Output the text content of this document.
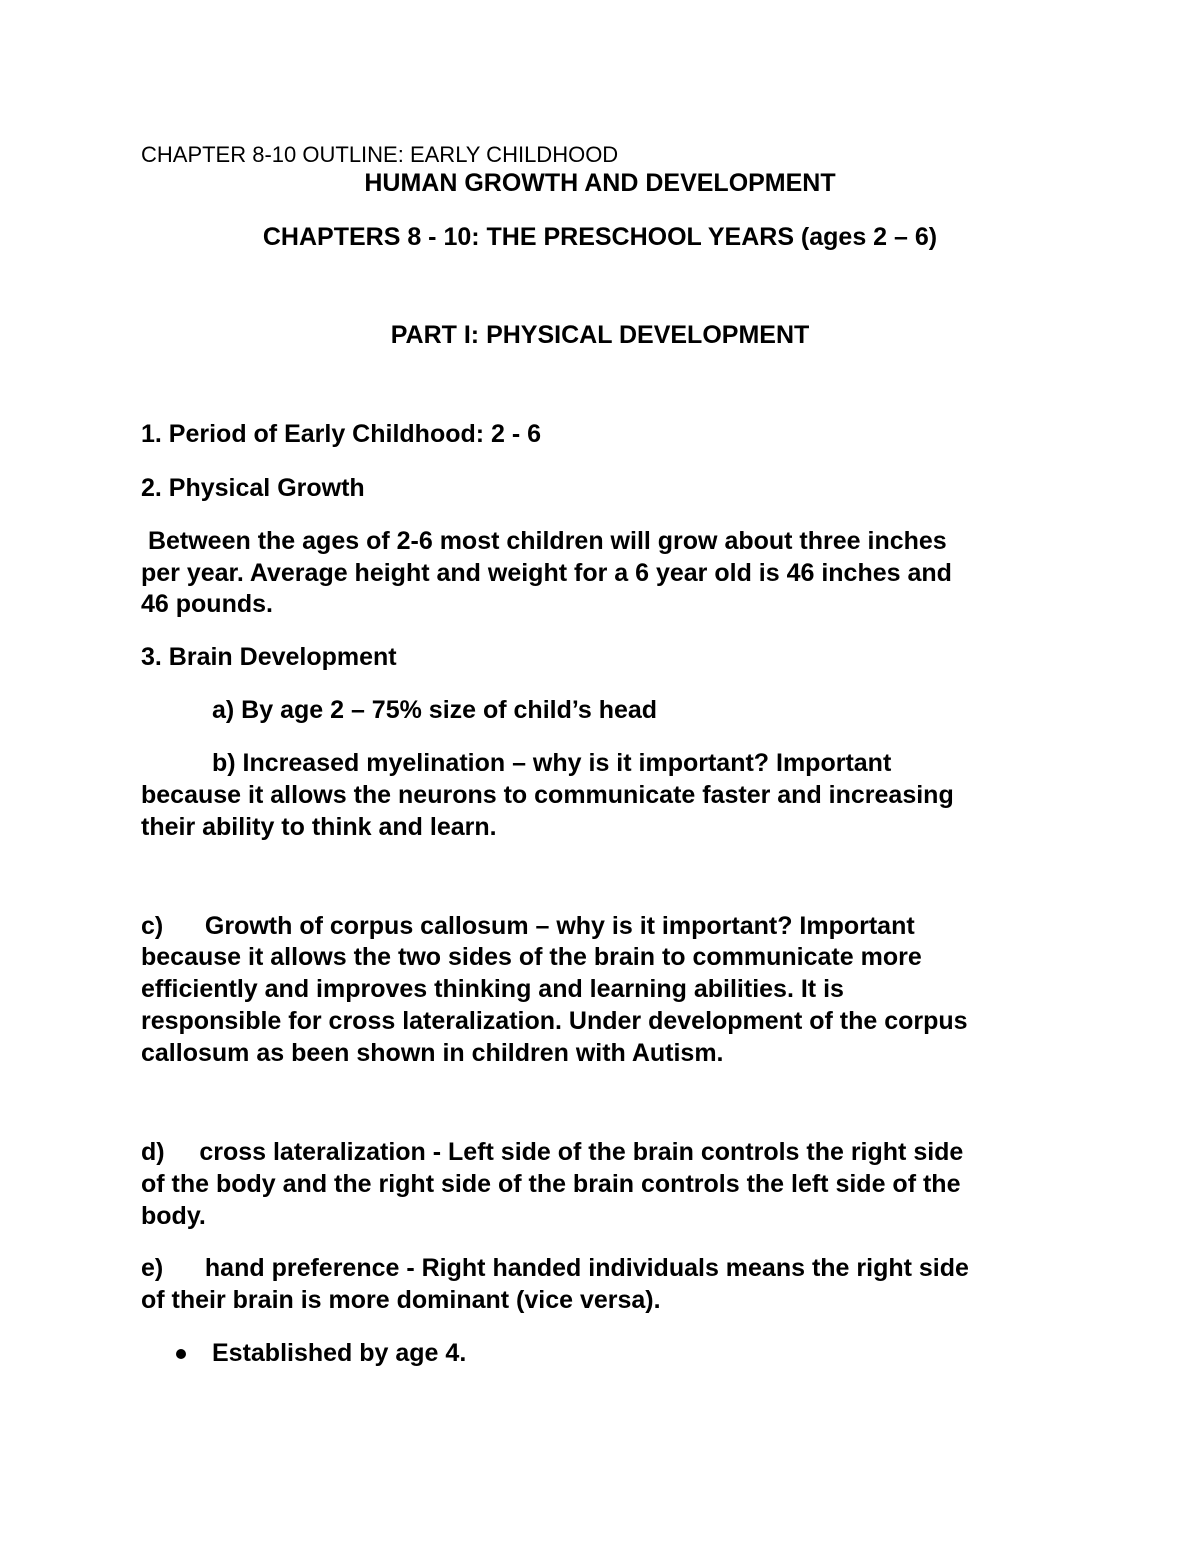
CHAPTER 8-10 OUTLINE: EARLY CHILDHOOD

HUMAN GROWTH AND DEVELOPMENT

CHAPTERS 8 - 10: THE PRESCHOOL YEARS (ages 2 – 6)

PART I: PHYSICAL DEVELOPMENT

1. Period of Early Childhood: 2 - 6

2. Physical Growth

Between the ages of 2-6 most children will grow about three inches

per year. Average height and weight for a 6 year old is 46 inches and

46 pounds.

3. Brain Development

a) By age 2 – 75% size of child’s head

b) Increased myelination – why is it important? Important

because it allows the neurons to communicate faster and increasing

their ability to think and learn.

c)      Growth of corpus callosum – why is it important? Important

because it allows the two sides of the brain to communicate more

efficiently and improves thinking and learning abilities. It is

responsible for cross lateralization. Under development of the corpus

callosum as been shown in children with Autism.

d)     cross lateralization - Left side of the brain controls the right side

of the body and the right side of the brain controls the left side of the

body.

e)      hand preference - Right handed individuals means the right side

of their brain is more dominant (vice versa).

Established by age 4.
